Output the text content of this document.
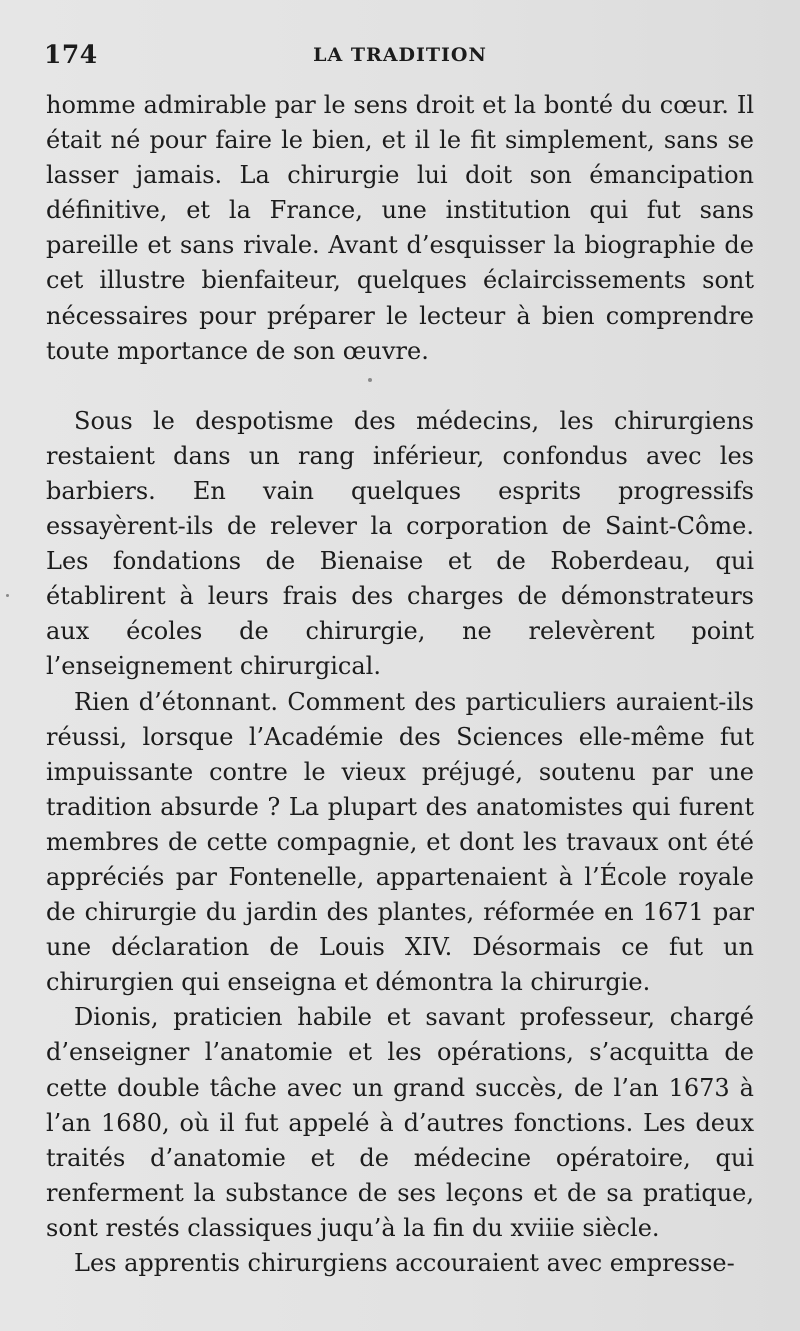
174	LA TRADITION

homme admirable par le sens droit et la bonté du cœur. Il était né pour faire le bien, et il le fit simplement, sans se lasser jamais. La chirurgie lui doit son émancipation définitive, et la France, une institution qui fut sans pareille et sans rivale. Avant d’esquisser la biographie de cet illustre bienfaiteur, quelques éclaircissements sont nécessaires pour préparer le lecteur à bien comprendre toute mportance de son œuvre.

Sous le despotisme des médecins, les chirurgiens restaient dans un rang inférieur, confondus avec les barbiers. En vain quelques esprits progressifs essayèrent-ils de relever la corporation de Saint-Côme. Les fondations de Bienaise et de Roberdeau, qui établirent à leurs frais des charges de démonstrateurs aux écoles de chirurgie, ne relevèrent point l’enseignement chirurgical.

Rien d’étonnant. Comment des particuliers auraient-ils réussi, lorsque l’Académie des Sciences elle-même fut impuissante contre le vieux préjugé, soutenu par une tradition absurde ? La plupart des anatomistes qui furent membres de cette compagnie, et dont les travaux ont été appréciés par Fontenelle, appartenaient à l’École royale de chirurgie du jardin des plantes, réformée en 1671 par une déclaration de Louis XIV. Désormais ce fut un chirurgien qui enseigna et démontra la chirurgie.

Dionis, praticien habile et savant professeur, chargé d’enseigner l’anatomie et les opérations, s’acquitta de cette double tâche avec un grand succès, de l’an 1673 à l’an 1680, où il fut appelé à d’autres fonctions. Les deux traités d’anatomie et de médecine opératoire, qui renferment la substance de ses leçons et de sa pratique, sont restés classiques juqu’à la fin du xviiie siècle.

Les apprentis chirurgiens accouraient avec empresse-
